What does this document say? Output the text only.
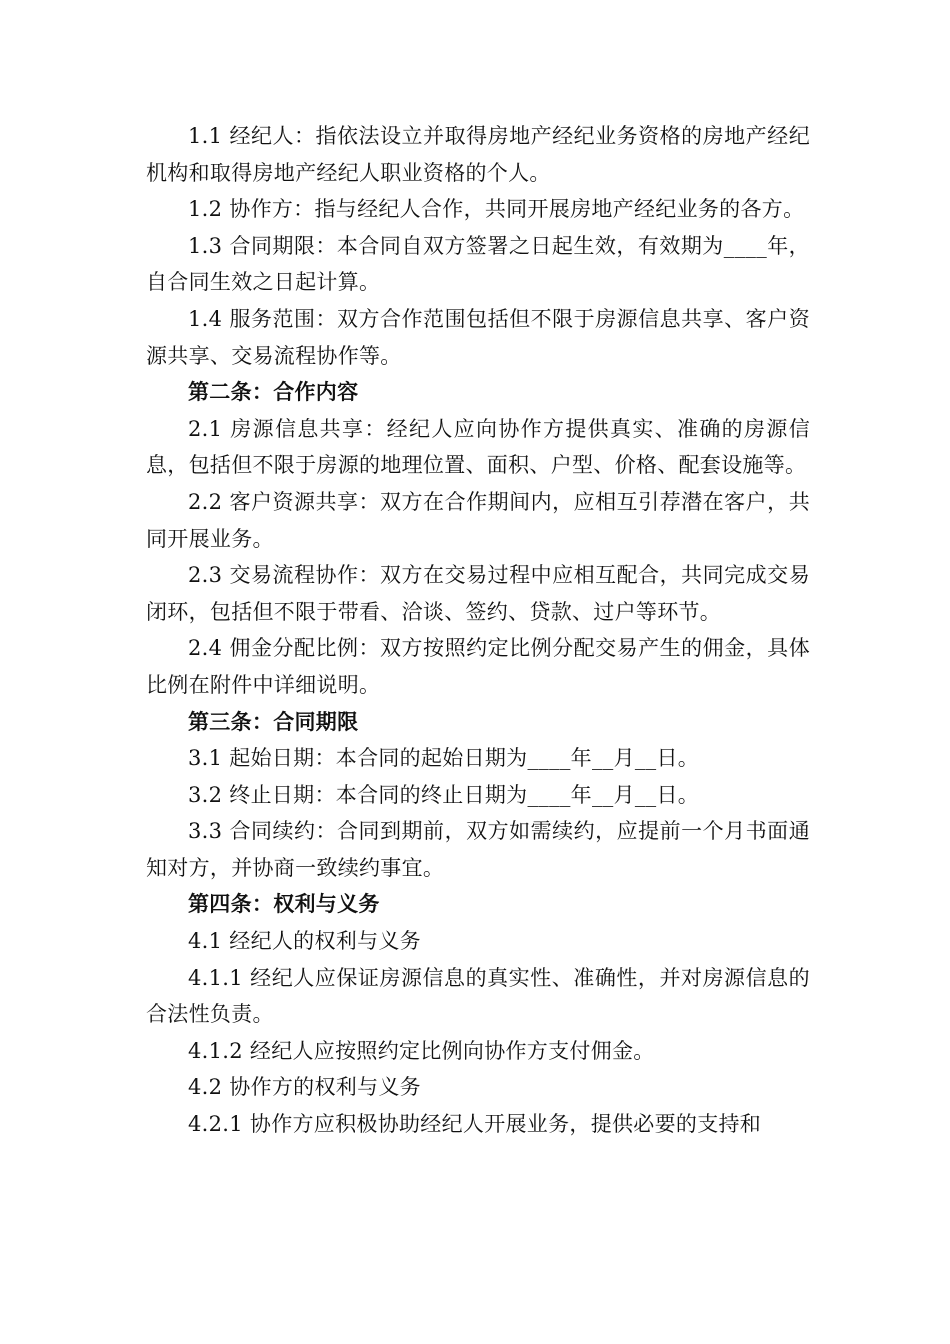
1.1 经纪人：指依法设立并取得房地产经纪业务资格的房地产经纪机构和取得房地产经纪人职业资格的个人。

1.2 协作方：指与经纪人合作，共同开展房地产经纪业务的各方。

1.3 合同期限：本合同自双方签署之日起生效，有效期为____年，自合同生效之日起计算。

1.4 服务范围：双方合作范围包括但不限于房源信息共享、客户资源共享、交易流程协作等。

第二条：合作内容

2.1 房源信息共享：经纪人应向协作方提供真实、准确的房源信息，包括但不限于房源的地理位置、面积、户型、价格、配套设施等。

2.2 客户资源共享：双方在合作期间内，应相互引荐潜在客户，共同开展业务。

2.3 交易流程协作：双方在交易过程中应相互配合，共同完成交易闭环，包括但不限于带看、洽谈、签约、贷款、过户等环节。

2.4 佣金分配比例：双方按照约定比例分配交易产生的佣金，具体比例在附件中详细说明。

第三条：合同期限

3.1 起始日期：本合同的起始日期为____年__月__日。

3.2 终止日期：本合同的终止日期为____年__月__日。

3.3 合同续约：合同到期前，双方如需续约，应提前一个月书面通知对方，并协商一致续约事宜。

第四条：权利与义务

4.1 经纪人的权利与义务

4.1.1 经纪人应保证房源信息的真实性、准确性，并对房源信息的合法性负责。

4.1.2 经纪人应按照约定比例向协作方支付佣金。

4.2 协作方的权利与义务

4.2.1 协作方应积极协助经纪人开展业务，提供必要的支持和
